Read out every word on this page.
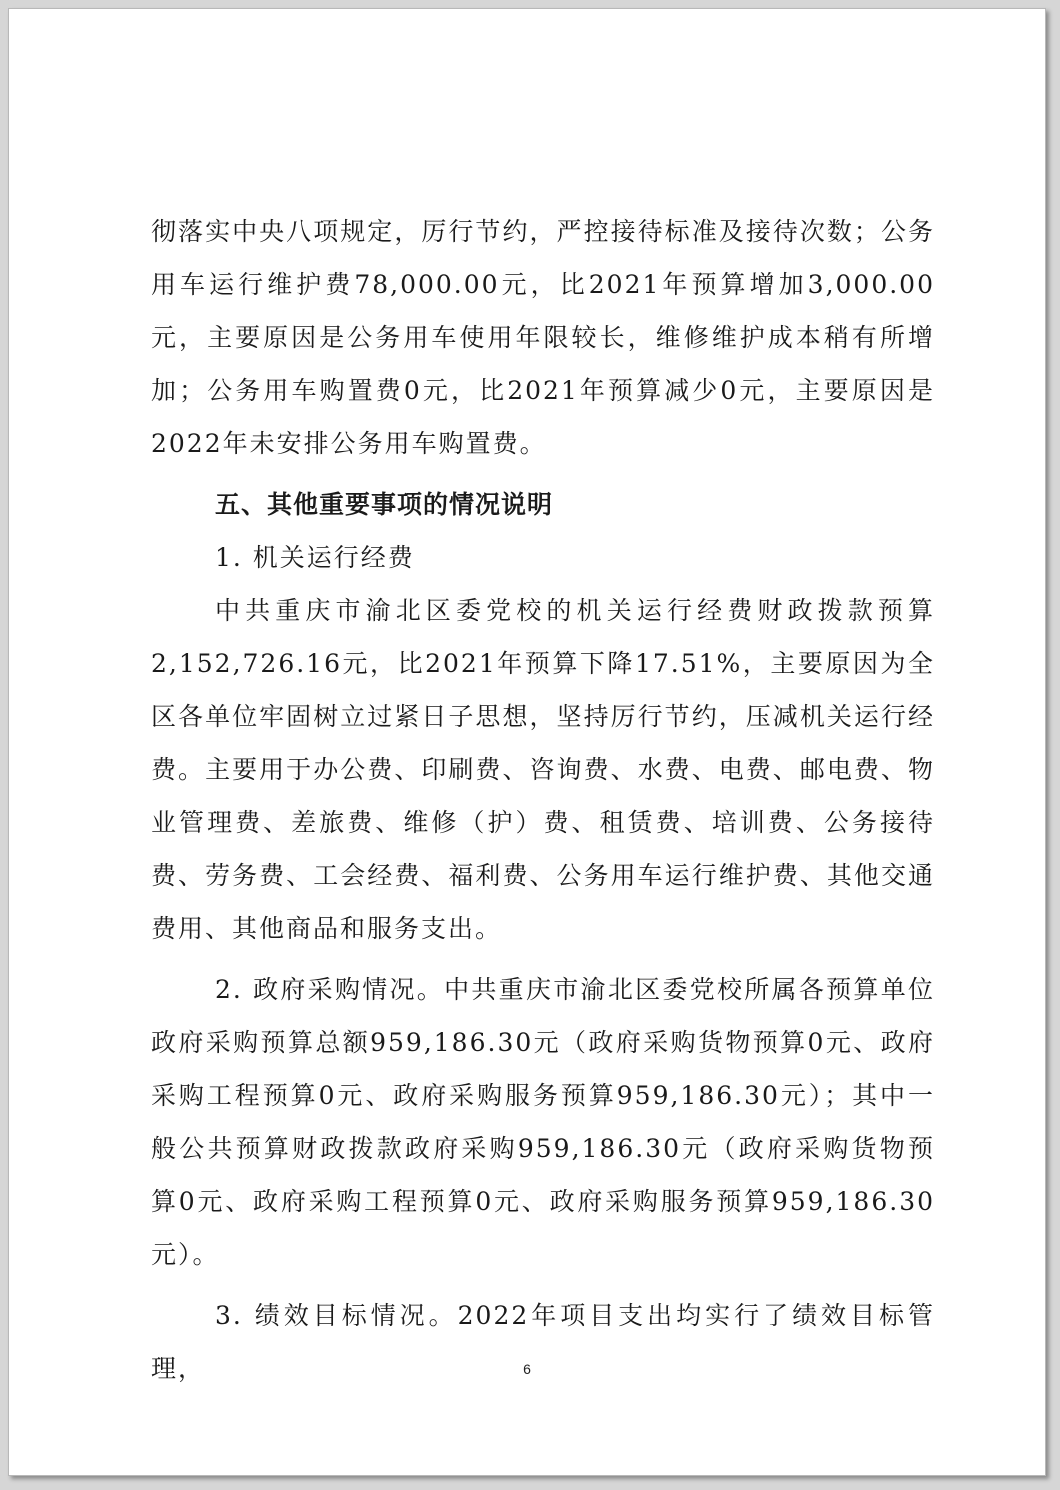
彻落实中央八项规定，厉行节约，严控接待标准及接待次数；公务用车运行维护费78,000.00元，比2021年预算增加3,000.00元，主要原因是公务用车使用年限较长，维修维护成本稍有所增加；公务用车购置费0元，比2021年预算减少0元，主要原因是2022年未安排公务用车购置费。

五、其他重要事项的情况说明

1. 机关运行经费

中共重庆市渝北区委党校的机关运行经费财政拨款预算2,152,726.16元，比2021年预算下降17.51%，主要原因为全区各单位牢固树立过紧日子思想，坚持厉行节约，压减机关运行经费。主要用于办公费、印刷费、咨询费、水费、电费、邮电费、物业管理费、差旅费、维修（护）费、租赁费、培训费、公务接待费、劳务费、工会经费、福利费、公务用车运行维护费、其他交通费用、其他商品和服务支出。

2. 政府采购情况。中共重庆市渝北区委党校所属各预算单位政府采购预算总额959,186.30元（政府采购货物预算0元、政府采购工程预算0元、政府采购服务预算959,186.30元）；其中一般公共预算财政拨款政府采购959,186.30元（政府采购货物预算0元、政府采购工程预算0元、政府采购服务预算959,186.30元）。

3. 绩效目标情况。2022年项目支出均实行了绩效目标管理，	6
